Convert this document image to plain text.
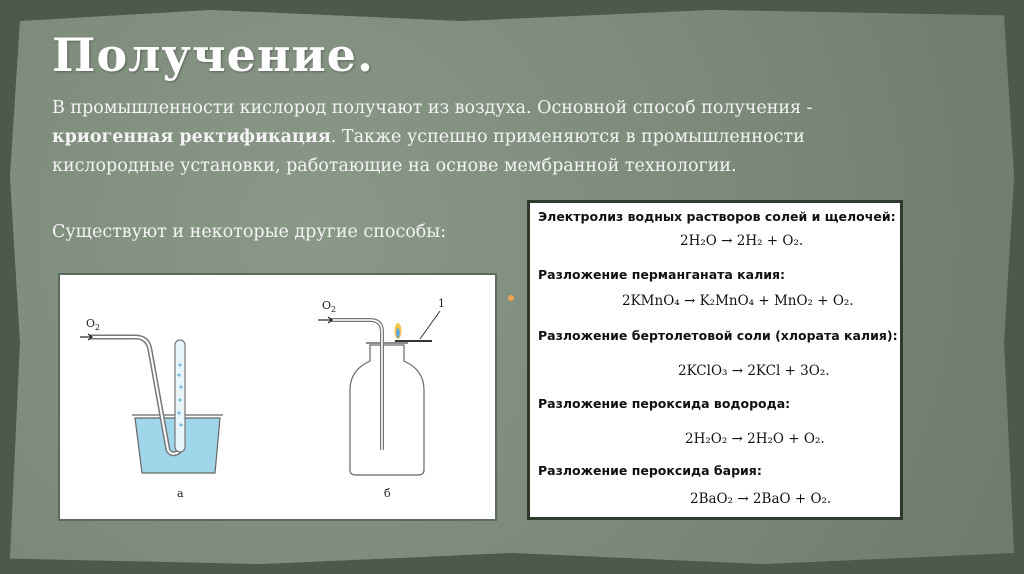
Получение.
В промышленности кислород получают из воздуха. Основной способ получения - криогенная ректификация. Также успешно применяются в промышленности кислородные установки, работающие на основе мембранной технологии.
Существуют и некоторые другие способы:
$O_2$
а
$O_2$	1
б
Электролиз водных растворов солей и щелочей:
2H₂O → 2H₂ + O₂.
Разложение перманганата калия:
2KMnO₄ → K₂MnO₄ + MnO₂ + O₂.
Разложение бертолетовой соли (хлората калия):
2KClO₃ → 2KCl + 3O₂.
Разложение пероксида водорода:
2H₂O₂ → 2H₂O + O₂.
Разложение пероксида бария:
2BaO₂ → 2BaO + O₂.
